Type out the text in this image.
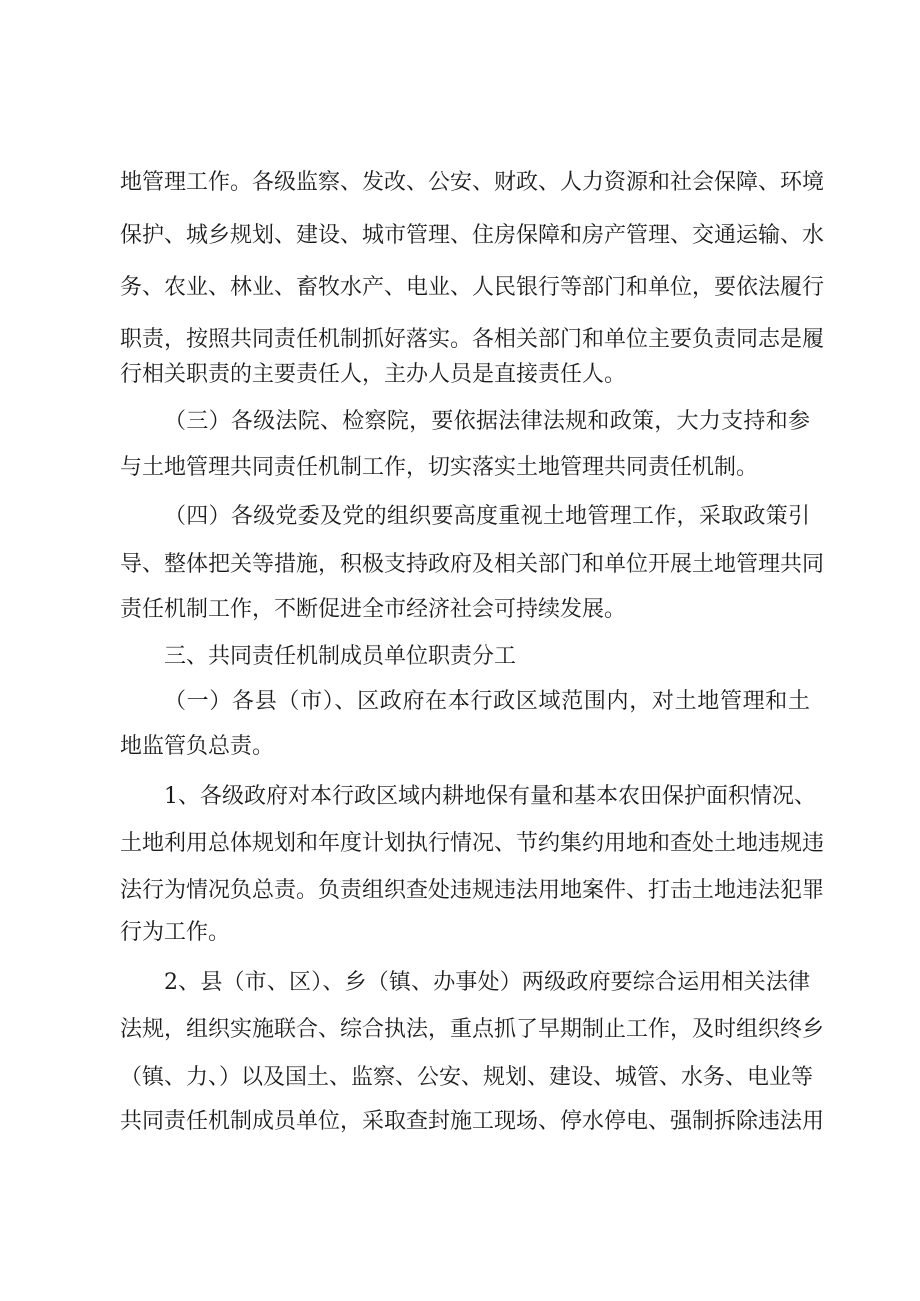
地管理工作。各级监察、发改、公安、财政、人力资源和社会保障、环境
保护、城乡规划、建设、城市管理、住房保障和房产管理、交通运输、水
务、农业、林业、畜牧水产、电业、人民银行等部门和单位，要依法履行
职责，按照共同责任机制抓好落实。各相关部门和单位主要负责同志是履
行相关职责的主要责任人，主办人员是直接责任人。
（三）各级法院、检察院，要依据法律法规和政策，大力支持和参
与土地管理共同责任机制工作，切实落实土地管理共同责任机制。
（四）各级党委及党的组织要高度重视土地管理工作，采取政策引
导、整体把关等措施，积极支持政府及相关部门和单位开展土地管理共同
责任机制工作，不断促进全市经济社会可持续发展。
三、共同责任机制成员单位职责分工
（一）各县（市）、区政府在本行政区域范围内，对土地管理和土
地监管负总责。
1、各级政府对本行政区域内耕地保有量和基本农田保护面积情况、
土地利用总体规划和年度计划执行情况、节约集约用地和查处土地违规违
法行为情况负总责。负责组织查处违规违法用地案件、打击土地违法犯罪
行为工作。
2、县（市、区）、乡（镇、办事处）两级政府要综合运用相关法律
法规，组织实施联合、综合执法，重点抓了早期制止工作，及时组织终乡
（镇、力、）以及国土、监察、公安、规划、建设、城管、水务、电业等
共同责任机制成员单位，采取查封施工现场、停水停电、强制拆除违法用
